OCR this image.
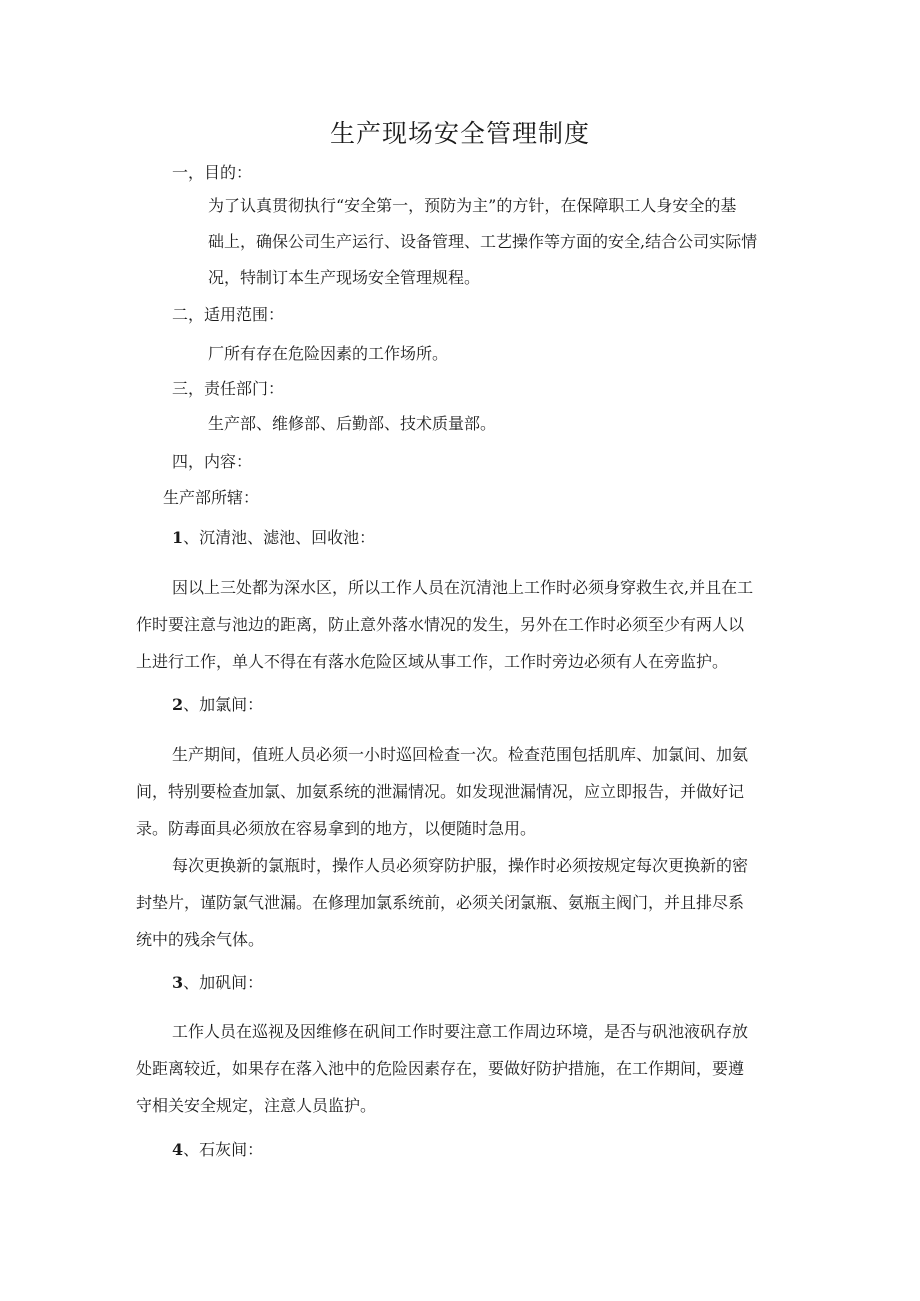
生产现场安全管理制度
一，目的：
为了认真贯彻执行“安全第一，预防为主”的方针，在保障职工人身安全的基
础上，确保公司生产运行、设备管理、工艺操作等方面的安全,结合公司实际情
况，特制订本生产现场安全管理规程。
二，适用范围：
厂所有存在危险因素的工作场所。
三，责任部门：
生产部、维修部、后勤部、技术质量部。
四，内容：
生产部所辖：
1、沉清池、滤池、回收池：
因以上三处都为深水区，所以工作人员在沉清池上工作时必须身穿救生衣,并且在工
作时要注意与池边的距离，防止意外落水情况的发生，另外在工作时必须至少有两人以
上进行工作，单人不得在有落水危险区域从事工作，工作时旁边必须有人在旁监护。
2、加氯间：
生产期间，值班人员必须一小时巡回检查一次。检查范围包括肌库、加氯间、加氨
间，特别要检查加氯、加氨系统的泄漏情况。如发现泄漏情况，应立即报告，并做好记
录。防毒面具必须放在容易拿到的地方，以便随时急用。
每次更换新的氯瓶时，操作人员必须穿防护服，操作时必须按规定每次更换新的密
封垫片，谨防氯气泄漏。在修理加氯系统前，必须关闭氯瓶、氨瓶主阀门，并且排尽系
统中的残余气体。
3、加矾间：
工作人员在巡视及因维修在矾间工作时要注意工作周边环境，是否与矾池液矾存放
处距离较近，如果存在落入池中的危险因素存在，要做好防护措施，在工作期间，要遵
守相关安全规定，注意人员监护。
4、石灰间：
